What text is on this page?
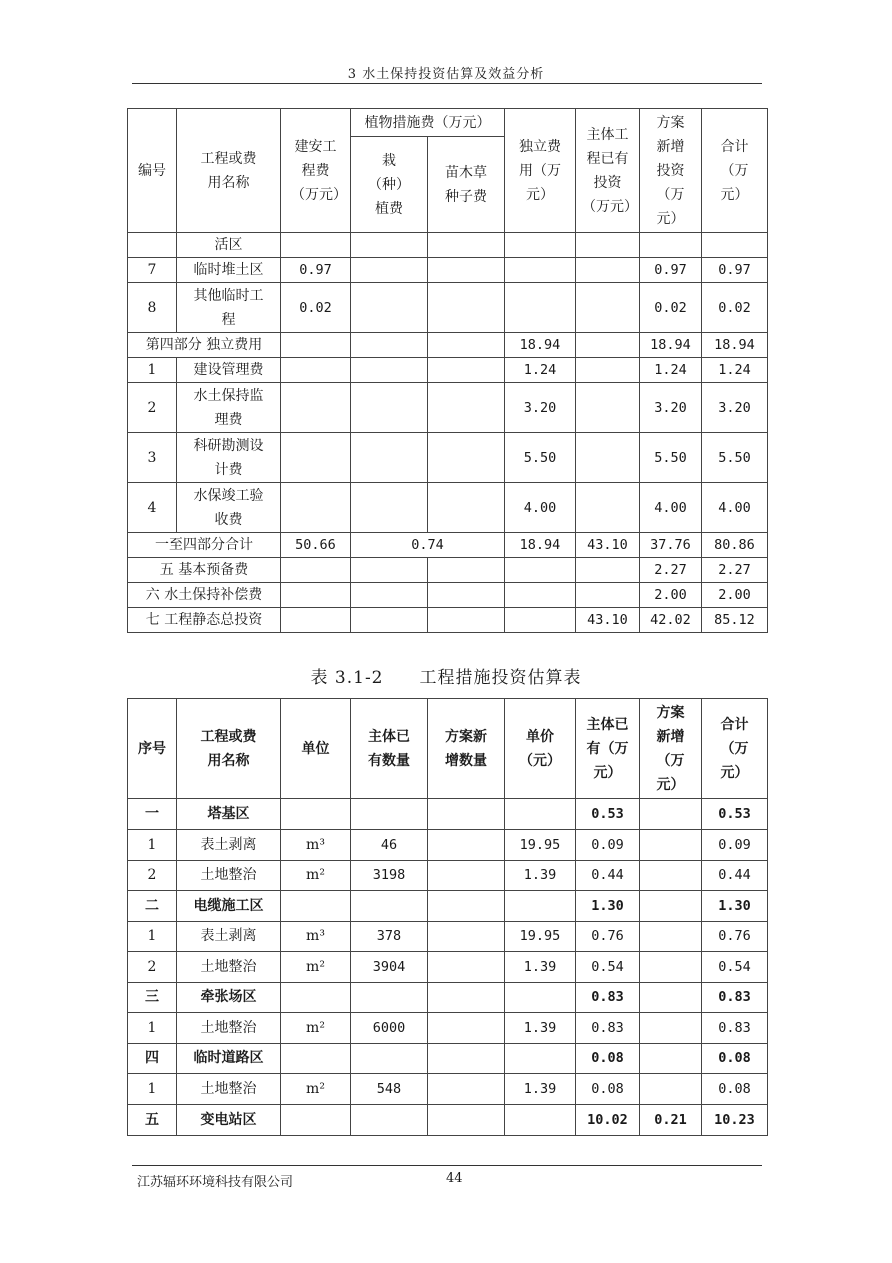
3 水土保持投资估算及效益分析
编号	工程或费用名称	建安工程费（万元）	植物措施费（万元）		独立费用（万元）	主体工程已有投资（万元）	方案新增投资（万元）	合计（万元）
			栽（种）植费	苗木草种子费				
	活区							
7	临时堆土区	0.97					0.97	0.97
8	其他临时工程	0.02					0.02	0.02
第四部分 独立费用					18.94		18.94	18.94
1	建设管理费				1.24		1.24	1.24
2	水土保持监理费				3.20		3.20	3.20
3	科研勘测设计费				5.50		5.50	5.50
4	水保竣工验收费				4.00		4.00	4.00
一至四部分合计		50.66	0.74		18.94	43.10	37.76	80.86
五 基本预备费							2.27	2.27
六 水土保持补偿费							2.00	2.00
七 工程静态总投资						43.10	42.02	85.12
表 3.1-2 工程措施投资估算表
序号	工程或费用名称	单位	主体已有数量	方案新增数量	单价（元）	主体已有（万元）	方案新增（万元）	合计（万元）
一	塔基区					0.53		0.53
1	表土剥离	m³	46		19.95	0.09		0.09
2	土地整治	m²	3198		1.39	0.44		0.44
二	电缆施工区					1.30		1.30
1	表土剥离	m³	378		19.95	0.76		0.76
2	土地整治	m²	3904		1.39	0.54		0.54
三	牵张场区					0.83		0.83
1	土地整治	m²	6000		1.39	0.83		0.83
四	临时道路区					0.08		0.08
1	土地整治	m²	548		1.39	0.08		0.08
五	变电站区					10.02	0.21	10.23
江苏辐环环境科技有限公司	44
